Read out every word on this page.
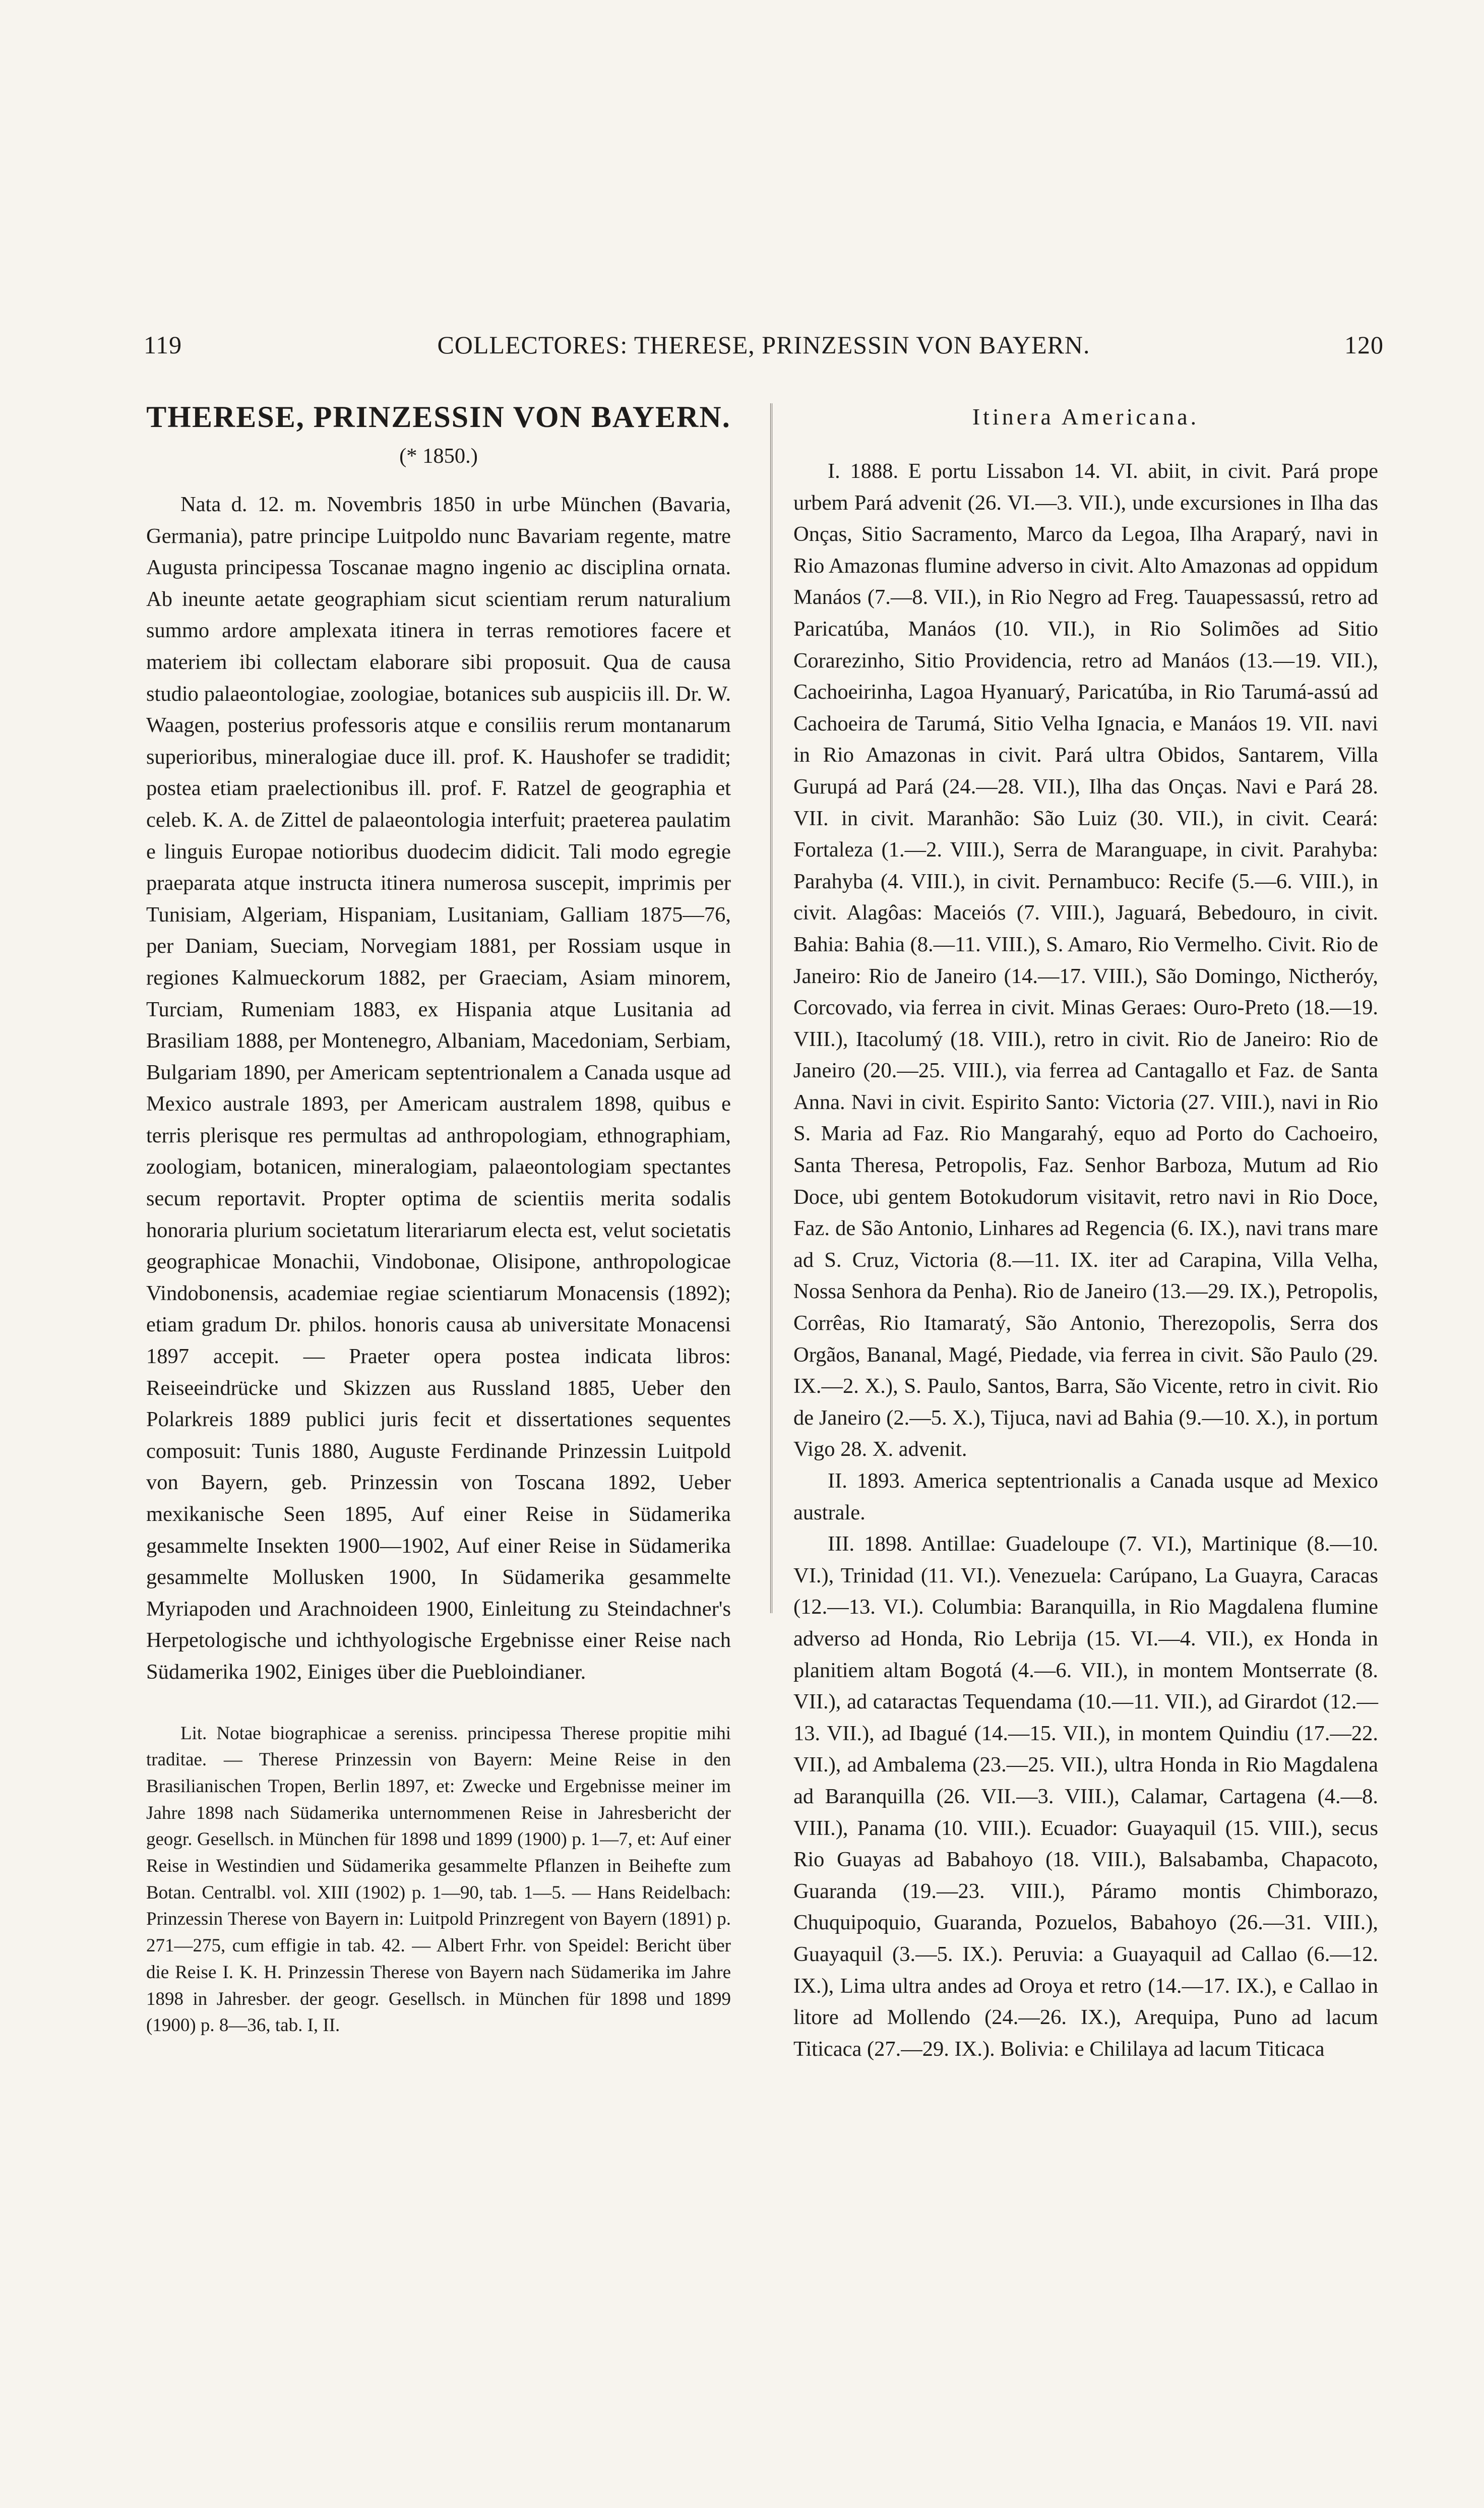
119	COLLECTORES: THERESE, PRINZESSIN VON BAYERN.	120
THERESE, PRINZESSIN VON BAYERN.
(* 1850.)

Nata d. 12. m. Novembris 1850 in urbe München (Bavaria, Germania), patre principe Luitpoldo nunc Bavariam regente, matre Augusta principessa Toscanae magno ingenio ac disciplina ornata. Ab ineunte aetate geographiam sicut scientiam rerum naturalium summo ardore amplexata itinera in terras remotiores facere et materiem ibi collectam elaborare sibi proposuit. Qua de causa studio palaeontologiae, zoologiae, botanices sub auspiciis ill. Dr. W. Waagen, posterius professoris atque e consiliis rerum montanarum superioribus, mineralogiae duce ill. prof. K. Haushofer se tradidit; postea etiam praelectionibus ill. prof. F. Ratzel de geographia et celeb. K. A. de Zittel de palaeontologia interfuit; praeterea paulatim e linguis Europae notioribus duodecim didicit. Tali modo egregie praeparata atque instructa itinera numerosa suscepit, imprimis per Tunisiam, Algeriam, Hispaniam, Lusitaniam, Galliam 1875—76, per Daniam, Sueciam, Norvegiam 1881, per Rossiam usque in regiones Kalmueckorum 1882, per Graeciam, Asiam minorem, Turciam, Rumeniam 1883, ex Hispania atque Lusitania ad Brasiliam 1888, per Montenegro, Albaniam, Macedoniam, Serbiam, Bulgariam 1890, per Americam septentrionalem a Canada usque ad Mexico australe 1893, per Americam australem 1898, quibus e terris plerisque res permultas ad anthropologiam, ethnographiam, zoologiam, botanicen, mineralogiam, palaeontologiam spectantes secum reportavit. Propter optima de scientiis merita sodalis honoraria plurium societatum literariarum electa est, velut societatis geographicae Monachii, Vindobonae, Olisipone, anthropologicae Vindobonensis, academiae regiae scientiarum Monacensis (1892); etiam gradum Dr. philos. honoris causa ab universitate Monacensi 1897 accepit. — Praeter opera postea indicata libros: Reiseeindrücke und Skizzen aus Russland 1885, Ueber den Polarkreis 1889 publici juris fecit et dissertationes sequentes composuit: Tunis 1880, Auguste Ferdinande Prinzessin Luitpold von Bayern, geb. Prinzessin von Toscana 1892, Ueber mexikanische Seen 1895, Auf einer Reise in Südamerika gesammelte Insekten 1900—1902, Auf einer Reise in Südamerika gesammelte Mollusken 1900, In Südamerika gesammelte Myriapoden und Arachnoideen 1900, Einleitung zu Steindachner's Herpetologische und ichthyologische Ergebnisse einer Reise nach Südamerika 1902, Einiges über die Puebloindianer.

Lit. Notae biographicae a sereniss. principessa Therese propitie mihi traditae. — Therese Prinzessin von Bayern: Meine Reise in den Brasilianischen Tropen, Berlin 1897, et: Zwecke und Ergebnisse meiner im Jahre 1898 nach Südamerika unternommenen Reise in Jahresbericht der geogr. Gesellsch. in München für 1898 und 1899 (1900) p. 1—7, et: Auf einer Reise in Westindien und Südamerika gesammelte Pflanzen in Beihefte zum Botan. Centralbl. vol. XIII (1902) p. 1—90, tab. 1—5. — Hans Reidelbach: Prinzessin Therese von Bayern in: Luitpold Prinzregent von Bayern (1891) p. 271—275, cum effigie in tab. 42. — Albert Frhr. von Speidel: Bericht über die Reise I. K. H. Prinzessin Therese von Bayern nach Südamerika im Jahre 1898 in Jahresber. der geogr. Gesellsch. in München für 1898 und 1899 (1900) p. 8—36, tab. I, II.

Itinera Americana.

I. 1888. E portu Lissabon 14. VI. abiit, in civit. Pará prope urbem Pará advenit (26. VI.—3. VII.), unde excursiones in Ilha das Onças, Sitio Sacramento, Marco da Legoa, Ilha Araparý, navi in Rio Amazonas flumine adverso in civit. Alto Amazonas ad oppidum Manáos (7.—8. VII.), in Rio Negro ad Freg. Tauapessassú, retro ad Paricatúba, Manáos (10. VII.), in Rio Solimões ad Sitio Corarezinho, Sitio Providencia, retro ad Manáos (13.—19. VII.), Cachoeirinha, Lagoa Hyanuarý, Paricatúba, in Rio Tarumá-assú ad Cachoeira de Tarumá, Sitio Velha Ignacia, e Manáos 19. VII. navi in Rio Amazonas in civit. Pará ultra Obidos, Santarem, Villa Gurupá ad Pará (24.—28. VII.), Ilha das Onças. Navi e Pará 28. VII. in civit. Maranhão: São Luiz (30. VII.), in civit. Ceará: Fortaleza (1.—2. VIII.), Serra de Maranguape, in civit. Parahyba: Parahyba (4. VIII.), in civit. Pernambuco: Recife (5.—6. VIII.), in civit. Alagôas: Maceiós (7. VIII.), Jaguará, Bebedouro, in civit. Bahia: Bahia (8.—11. VIII.), S. Amaro, Rio Vermelho. Civit. Rio de Janeiro: Rio de Janeiro (14.—17. VIII.), São Domingo, Nictheróy, Corcovado, via ferrea in civit. Minas Geraes: Ouro-Preto (18.—19. VIII.), Itacolumý (18. VIII.), retro in civit. Rio de Janeiro: Rio de Janeiro (20.—25. VIII.), via ferrea ad Cantagallo et Faz. de Santa Anna. Navi in civit. Espirito Santo: Victoria (27. VIII.), navi in Rio S. Maria ad Faz. Rio Mangarahý, equo ad Porto do Cachoeiro, Santa Theresa, Petropolis, Faz. Senhor Barboza, Mutum ad Rio Doce, ubi gentem Botokudorum visitavit, retro navi in Rio Doce, Faz. de São Antonio, Linhares ad Regencia (6. IX.), navi trans mare ad S. Cruz, Victoria (8.—11. IX. iter ad Carapina, Villa Velha, Nossa Senhora da Penha). Rio de Janeiro (13.—29. IX.), Petropolis, Corrêas, Rio Itamaratý, São Antonio, Therezopolis, Serra dos Orgãos, Bananal, Magé, Piedade, via ferrea in civit. São Paulo (29. IX.—2. X.), S. Paulo, Santos, Barra, São Vicente, retro in civit. Rio de Janeiro (2.—5. X.), Tijuca, navi ad Bahia (9.—10. X.), in portum Vigo 28. X. advenit.

II. 1893. America septentrionalis a Canada usque ad Mexico australe.

III. 1898. Antillae: Guadeloupe (7. VI.), Martinique (8.—10. VI.), Trinidad (11. VI.). Venezuela: Carúpano, La Guayra, Caracas (12.—13. VI.). Columbia: Baranquilla, in Rio Magdalena flumine adverso ad Honda, Rio Lebrija (15. VI.—4. VII.), ex Honda in planitiem altam Bogotá (4.—6. VII.), in montem Montserrate (8. VII.), ad cataractas Tequendama (10.—11. VII.), ad Girardot (12.—13. VII.), ad Ibagué (14.—15. VII.), in montem Quindiu (17.—22. VII.), ad Ambalema (23.—25. VII.), ultra Honda in Rio Magdalena ad Baranquilla (26. VII.—3. VIII.), Calamar, Cartagena (4.—8. VIII.), Panama (10. VIII.). Ecuador: Guayaquil (15. VIII.), secus Rio Guayas ad Babahoyo (18. VIII.), Balsabamba, Chapacoto, Guaranda (19.—23. VIII.), Páramo montis Chimborazo, Chuquipoquio, Guaranda, Pozuelos, Babahoyo (26.—31. VIII.), Guayaquil (3.—5. IX.). Peruvia: a Guayaquil ad Callao (6.—12. IX.), Lima ultra andes ad Oroya et retro (14.—17. IX.), e Callao in litore ad Mollendo (24.—26. IX.), Arequipa, Puno ad lacum Titicaca (27.—29. IX.). Bolivia: e Chililaya ad lacum Titicaca
